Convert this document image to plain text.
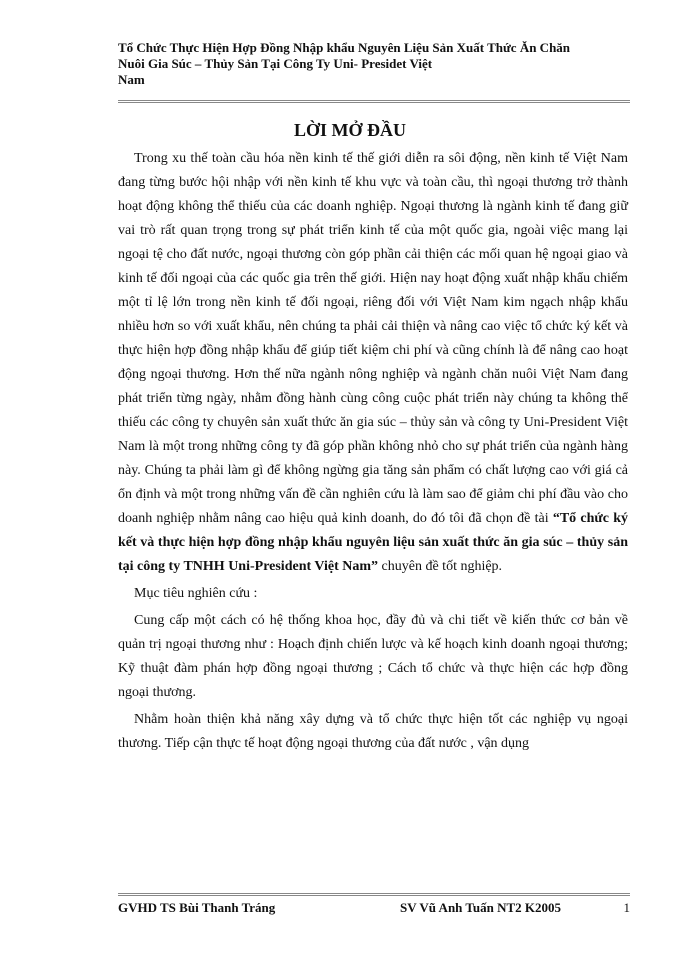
Tổ Chức Thực Hiện Hợp Đồng Nhập khẩu Nguyên Liệu Sản Xuất Thức Ăn Chăn
Nuôi Gia Súc – Thủy Sản Tại Công Ty Uni- Presidet Việt
Nam
LỜI MỞ ĐẦU

Trong xu thế toàn cầu hóa nền kinh tế thế giới diễn ra sôi động, nền kinh tế Việt Nam đang từng bước hội nhập với nền kinh tế khu vực và toàn cầu, thì ngoại thương trở thành hoạt động không thể thiếu của các doanh nghiệp. Ngoại thương là ngành kinh tế đang giữ vai trò rất quan trọng trong sự phát triển kinh tế của một quốc gia, ngoài việc mang lại ngoại tệ cho đất nước, ngoại thương còn góp phần cải thiện các mối quan hệ ngoại giao và kinh tế đối ngoại của các quốc gia trên thế giới. Hiện nay hoạt động xuất nhập khẩu chiếm một tỉ lệ lớn trong nền kinh tế đối ngoại, riêng đối với Việt Nam kim ngạch nhập khẩu nhiều hơn so với xuất khẩu, nên chúng ta phải cải thiện và nâng cao việc tổ chức ký kết và thực hiện hợp đồng nhập khẩu để giúp tiết kiệm chi phí và cũng chính là để nâng cao hoạt động ngoại thương. Hơn thế nữa ngành nông nghiệp và ngành chăn nuôi Việt Nam đang phát triển từng ngày, nhằm đồng hành cùng công cuộc phát triển này chúng ta không thể thiếu các công ty chuyên sản xuất thức ăn gia súc – thủy sản và công ty Uni-President Việt Nam là một trong những công ty đã góp phần không nhỏ cho sự phát triển của ngành hàng này. Chúng ta phải làm gì để không ngừng gia tăng sản phẩm có chất lượng cao với giá cả ổn định và một trong những vấn đề cần nghiên cứu là làm sao để giảm chi phí đầu vào cho doanh nghiệp nhằm nâng cao hiệu quả kinh doanh, do đó tôi đã chọn đề tài “Tổ chức ký kết và thực hiện hợp đồng nhập khẩu nguyên liệu sản xuất thức ăn gia súc – thủy sản tại công ty TNHH Uni-President Việt Nam” chuyên đề tốt nghiệp.

Mục tiêu nghiên cứu :

Cung cấp một cách có hệ thống khoa học, đầy đủ và chi tiết về kiến thức cơ bản về quản trị ngoại thương như : Hoạch định chiến lược và kế hoạch kinh doanh ngoại thương; Kỹ thuật đàm phán hợp đồng ngoại thương ; Cách tổ chức và thực hiện các hợp đồng ngoại thương.

Nhằm hoàn thiện khả năng xây dựng và tổ chức thực hiện tốt các nghiệp vụ ngoại thương. Tiếp cận thực tế hoạt động ngoại thương của đất nước , vận dụng

GVHD TS Bùi Thanh Tráng	SV Vũ Anh Tuấn NT2 K2005	1
